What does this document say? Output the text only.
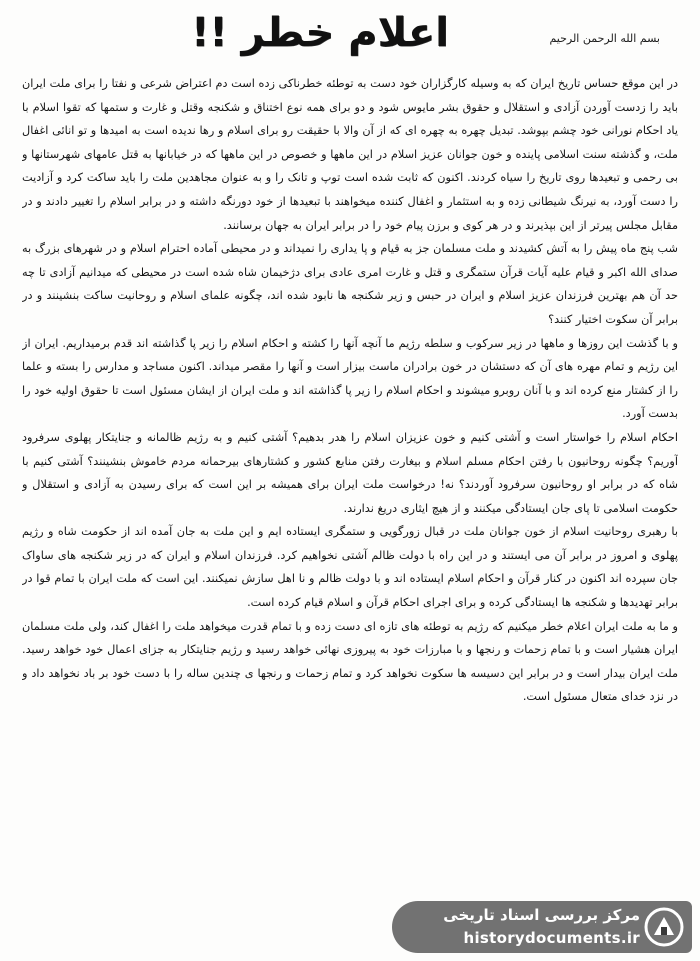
اعلام خطر !!	بسم الله الرحمن الرحیم

در این موقع حساس تاریخ ایران که به وسیله کارگزاران خود دست به توطئه خطرناکی زده است دم اعتراض شرعی و نفتا را برای ملت ایران باید را زدست آوردن آزادی و استقلال و حقوق بشر مایوس شود و دو برای همه نوع اختناق و شکنجه وقتل و غارت و ستمها که تقوا اسلام با یاد احکام نورانی خود چشم بپوشد. تبدیل چهره به چهره ای که از آن والا با حقیقت رو برای اسلام و رها ندیده است به امیدها و تو انائی اغفال ملت، و گذشته سنت اسلامی پاینده و خون جوانان عزیز اسلام در این ماهها و خصوص در این ماهها که در خیابانها به قتل عامهای شهرستانها و بی رحمی و تبعیدها روی تاریخ را سیاه کردند. اکنون که ثابت شده است توپ و تانک را و به عنوان مجاهدین ملت را باید ساکت کرد و آزادیت را دست آورد، به نیرنگ شیطانی زده و به استثمار و اغفال کننده میخواهند با تبعیدها از خود دورنگه داشته و در برابر اسلام را تغییر دادند و در مقابل مجلس پیرتر از این بپذیرند و در هر کوی و برزن پیام خود را در برابر ایران به جهان برسانند.

شب پنج ماه پیش را به آتش کشیدند و ملت مسلمان جز به قیام و پا یداری را نمیداند و در محیطی آماده احترام اسلام و در شهرهای بزرگ به صدای الله اکبر و قیام علیه آیات قرآن ستمگری و قتل و غارت امری عادی برای دژخیمان شاه شده است در محیطی که میدانیم آزادی تا چه حد آن هم بهترین فرزندان عزیز اسلام و ایران در حبس و زیر شکنجه ها نابود شده اند، چگونه علمای اسلام و روحانیت ساکت بنشینند و در برابر آن سکوت اختیار کنند؟

و با گذشت این روزها و ماهها در زیر سرکوب و سلطه رژیم ما آنچه آنها را کشته و احکام اسلام را زیر پا گذاشته اند قدم برمیداریم. ایران از این رژیم و تمام مهره های آن که دستشان در خون برادران ماست بیزار است و آنها را مقصر میداند. اکنون مساجد و مدارس را بسته و علما را از کشتار منع کرده اند و با آنان روبرو میشوند و احکام اسلام را زیر پا گذاشته اند و ملت ایران از ایشان مسئول است تا حقوق اولیه خود را بدست آورد.

احکام اسلام را خواستار است و آشتی کنیم و خون عزیزان اسلام را هدر بدهیم؟ آشتی کنیم و به رژیم ظالمانه و جنایتکار پهلوی سرفرود آوریم؟ چگونه روحانیون با رفتن احکام مسلم اسلام و بیغارت رفتن منابع کشور و کشتارهای بیرحمانه مردم خاموش بنشینند؟ آشتی کنیم با شاه که در برابر او روحانیون سرفرود آوردند؟ نه! درخواست ملت ایران برای همیشه بر این است که برای رسیدن به آزادی و استقلال و حکومت اسلامی تا پای جان ایستادگی میکنند و از هیچ ایثاری دریغ ندارند.

با رهبری روحانیت اسلام از خون جوانان ملت در قبال زورگویی و ستمگری ایستاده ایم و این ملت به جان آمده اند از حکومت شاه و رژیم پهلوی و امروز در برابر آن می ایستند و در این راه با دولت ظالم آشتی نخواهیم کرد. فرزندان اسلام و ایران که در زیر شکنجه های ساواک جان سپرده اند اکنون در کنار قرآن و احکام اسلام ایستاده اند و با دولت ظالم و نا اهل سازش نمیکنند. این است که ملت ایران با تمام قوا در برابر تهدیدها و شکنجه ها ایستادگی کرده و برای اجرای احکام قرآن و اسلام قیام کرده است.

و ما به ملت ایران اعلام خطر میکنیم که رژیم به توطئه های تازه ای دست زده و با تمام قدرت میخواهد ملت را اغفال کند، ولی ملت مسلمان ایران هشیار است و با تمام زحمات و رنجها و با مبارزات خود به پیروزی نهائی خواهد رسید و رژیم جنایتکار به جزای اعمال خود خواهد رسید. ملت ایران بیدار است و در برابر این دسیسه ها سکوت نخواهد کرد و تمام زحمات و رنجها ی چندین ساله را با دست خود بر باد نخواهد داد و در نزد خدای متعال مسئول است.

مرکز بررسی اسناد تاریخی
historydocuments.ir
